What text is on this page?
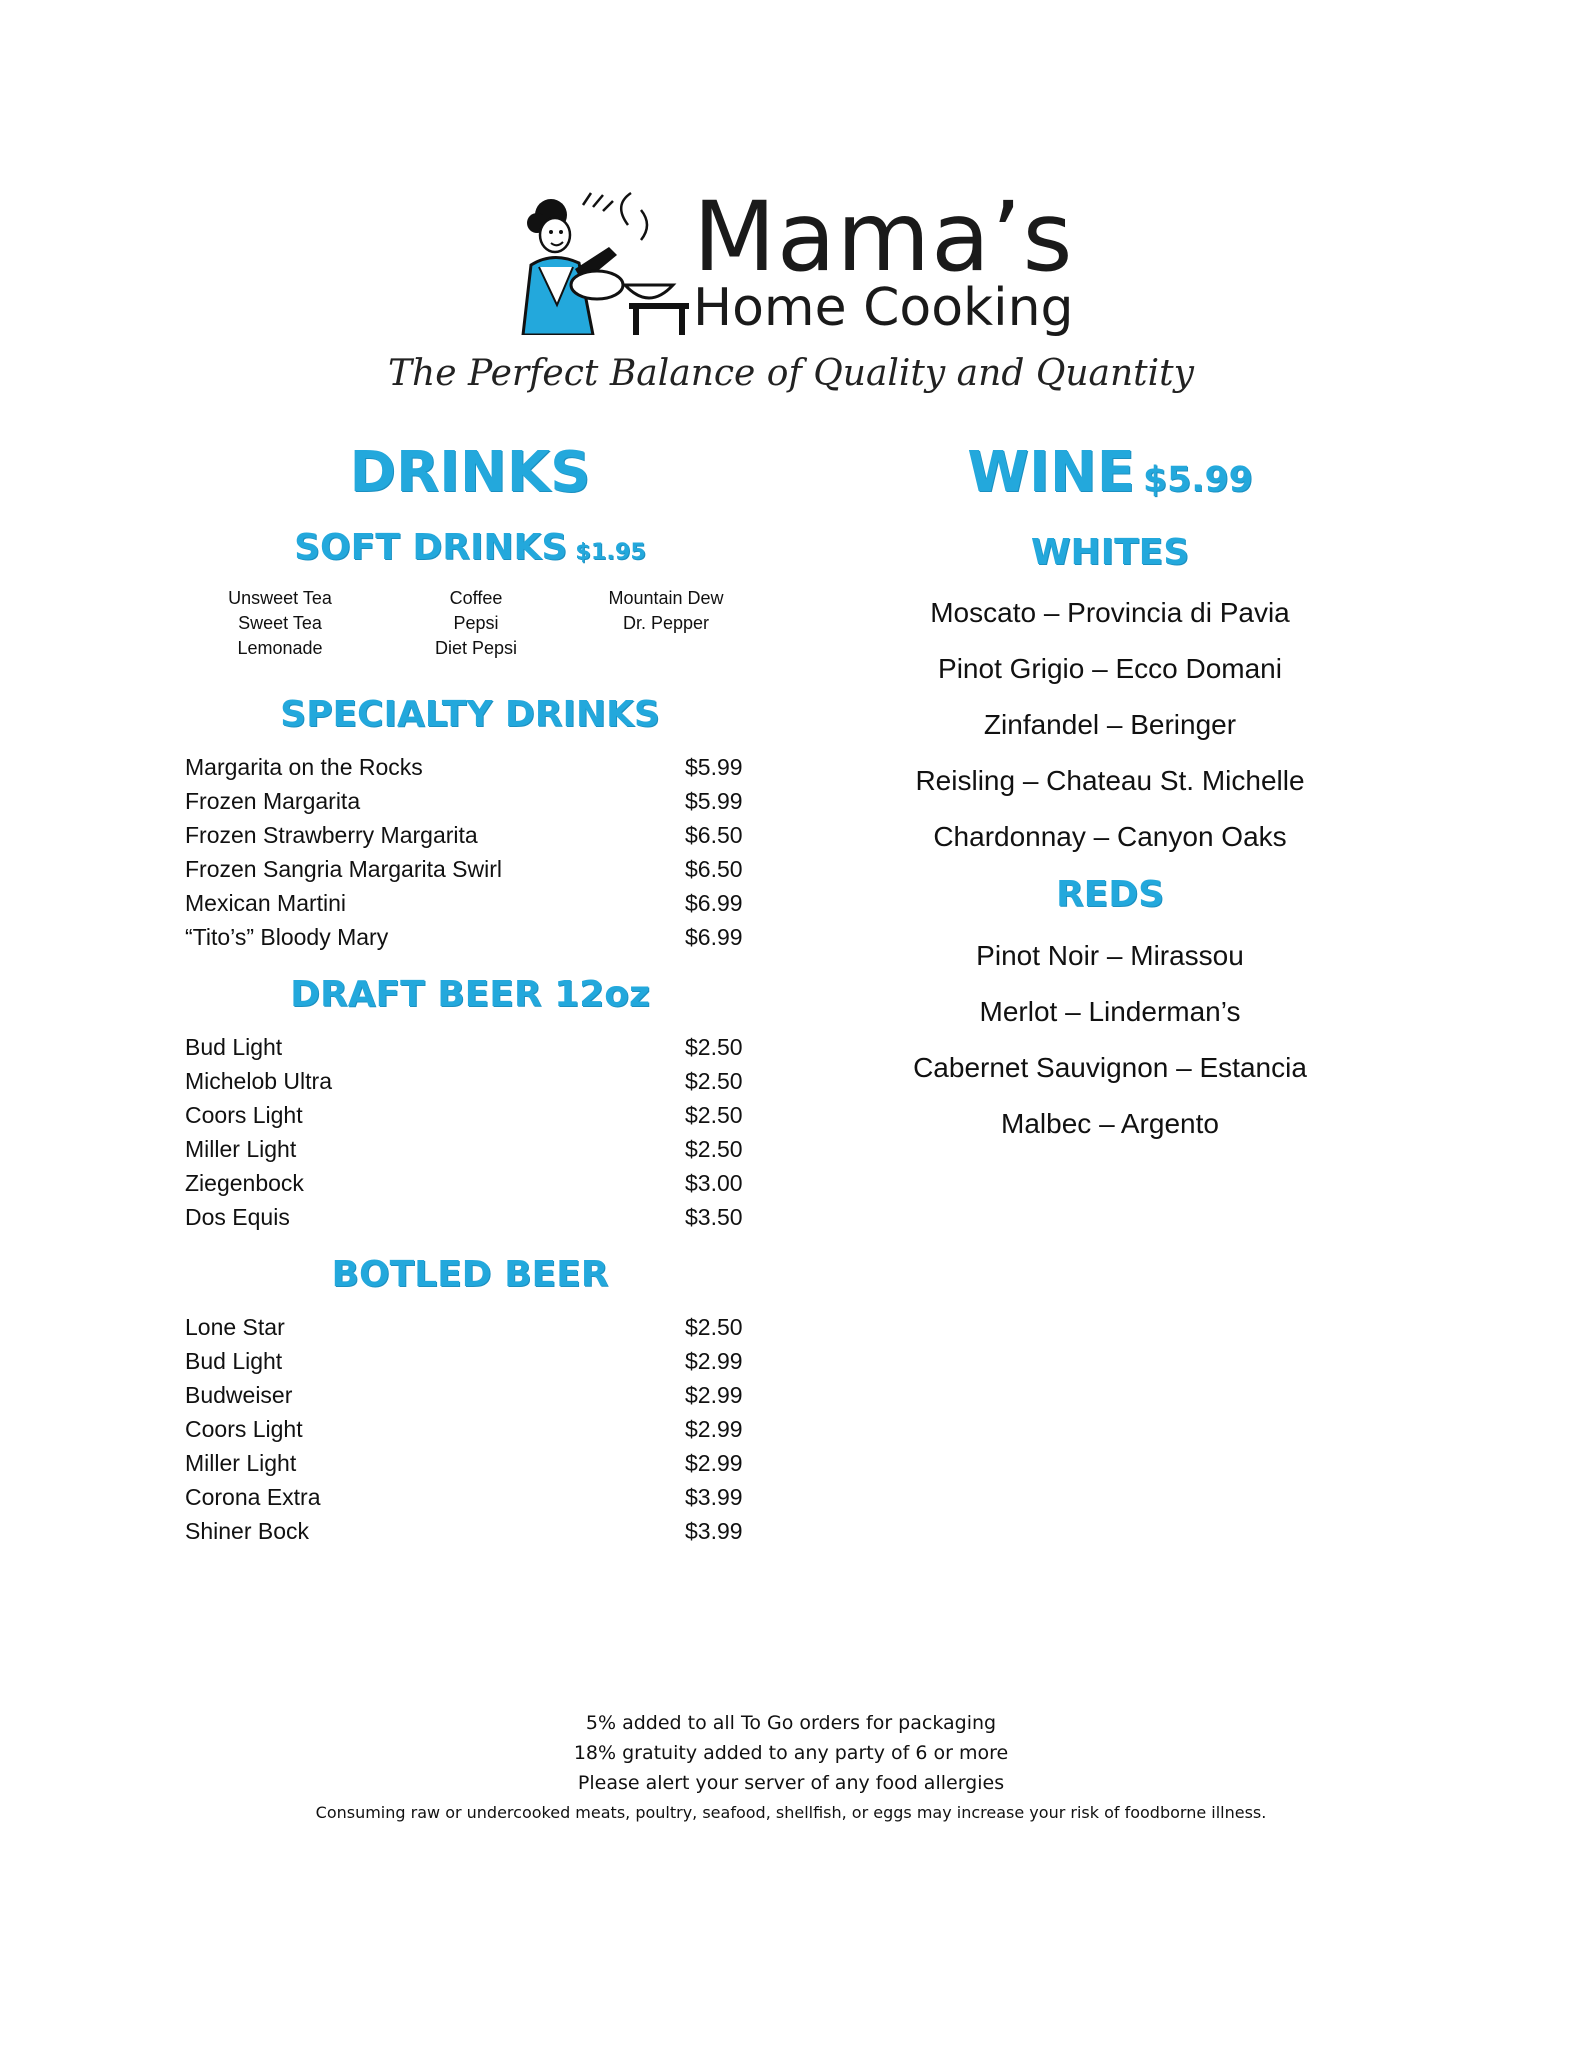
Mama’s
Home Cooking
The Perfect Balance of Quality and Quantity
DRINKS
SOFT DRINKS $1.95
Unsweet Tea
Sweet Tea
Lemonade
Coffee
Pepsi
Diet Pepsi
Mountain Dew
Dr. Pepper
SPECIALTY DRINKS
Margarita on the Rocks	$5.99
Frozen Margarita	$5.99
Frozen Strawberry Margarita	$6.50
Frozen Sangria Margarita Swirl	$6.50
Mexican Martini	$6.99
“Tito’s” Bloody Mary	$6.99
DRAFT BEER 12oz
Bud Light	$2.50
Michelob Ultra	$2.50
Coors Light	$2.50
Miller Light	$2.50
Ziegenbock	$3.00
Dos Equis	$3.50
BOTLED BEER
Lone Star	$2.50
Bud Light	$2.99
Budweiser	$2.99
Coors Light	$2.99
Miller Light	$2.99
Corona Extra	$3.99
Shiner Bock	$3.99
WINE $5.99
WHITES
Moscato – Provincia di Pavia
Pinot Grigio – Ecco Domani
Zinfandel – Beringer
Reisling – Chateau St. Michelle
Chardonnay – Canyon Oaks
REDS
Pinot Noir – Mirassou
Merlot – Linderman’s
Cabernet Sauvignon – Estancia
Malbec – Argento
5% added to all To Go orders for packaging
18% gratuity added to any party of 6 or more
Please alert your server of any food allergies
Consuming raw or undercooked meats, poultry, seafood, shellfish, or eggs may increase your risk of foodborne illness.
